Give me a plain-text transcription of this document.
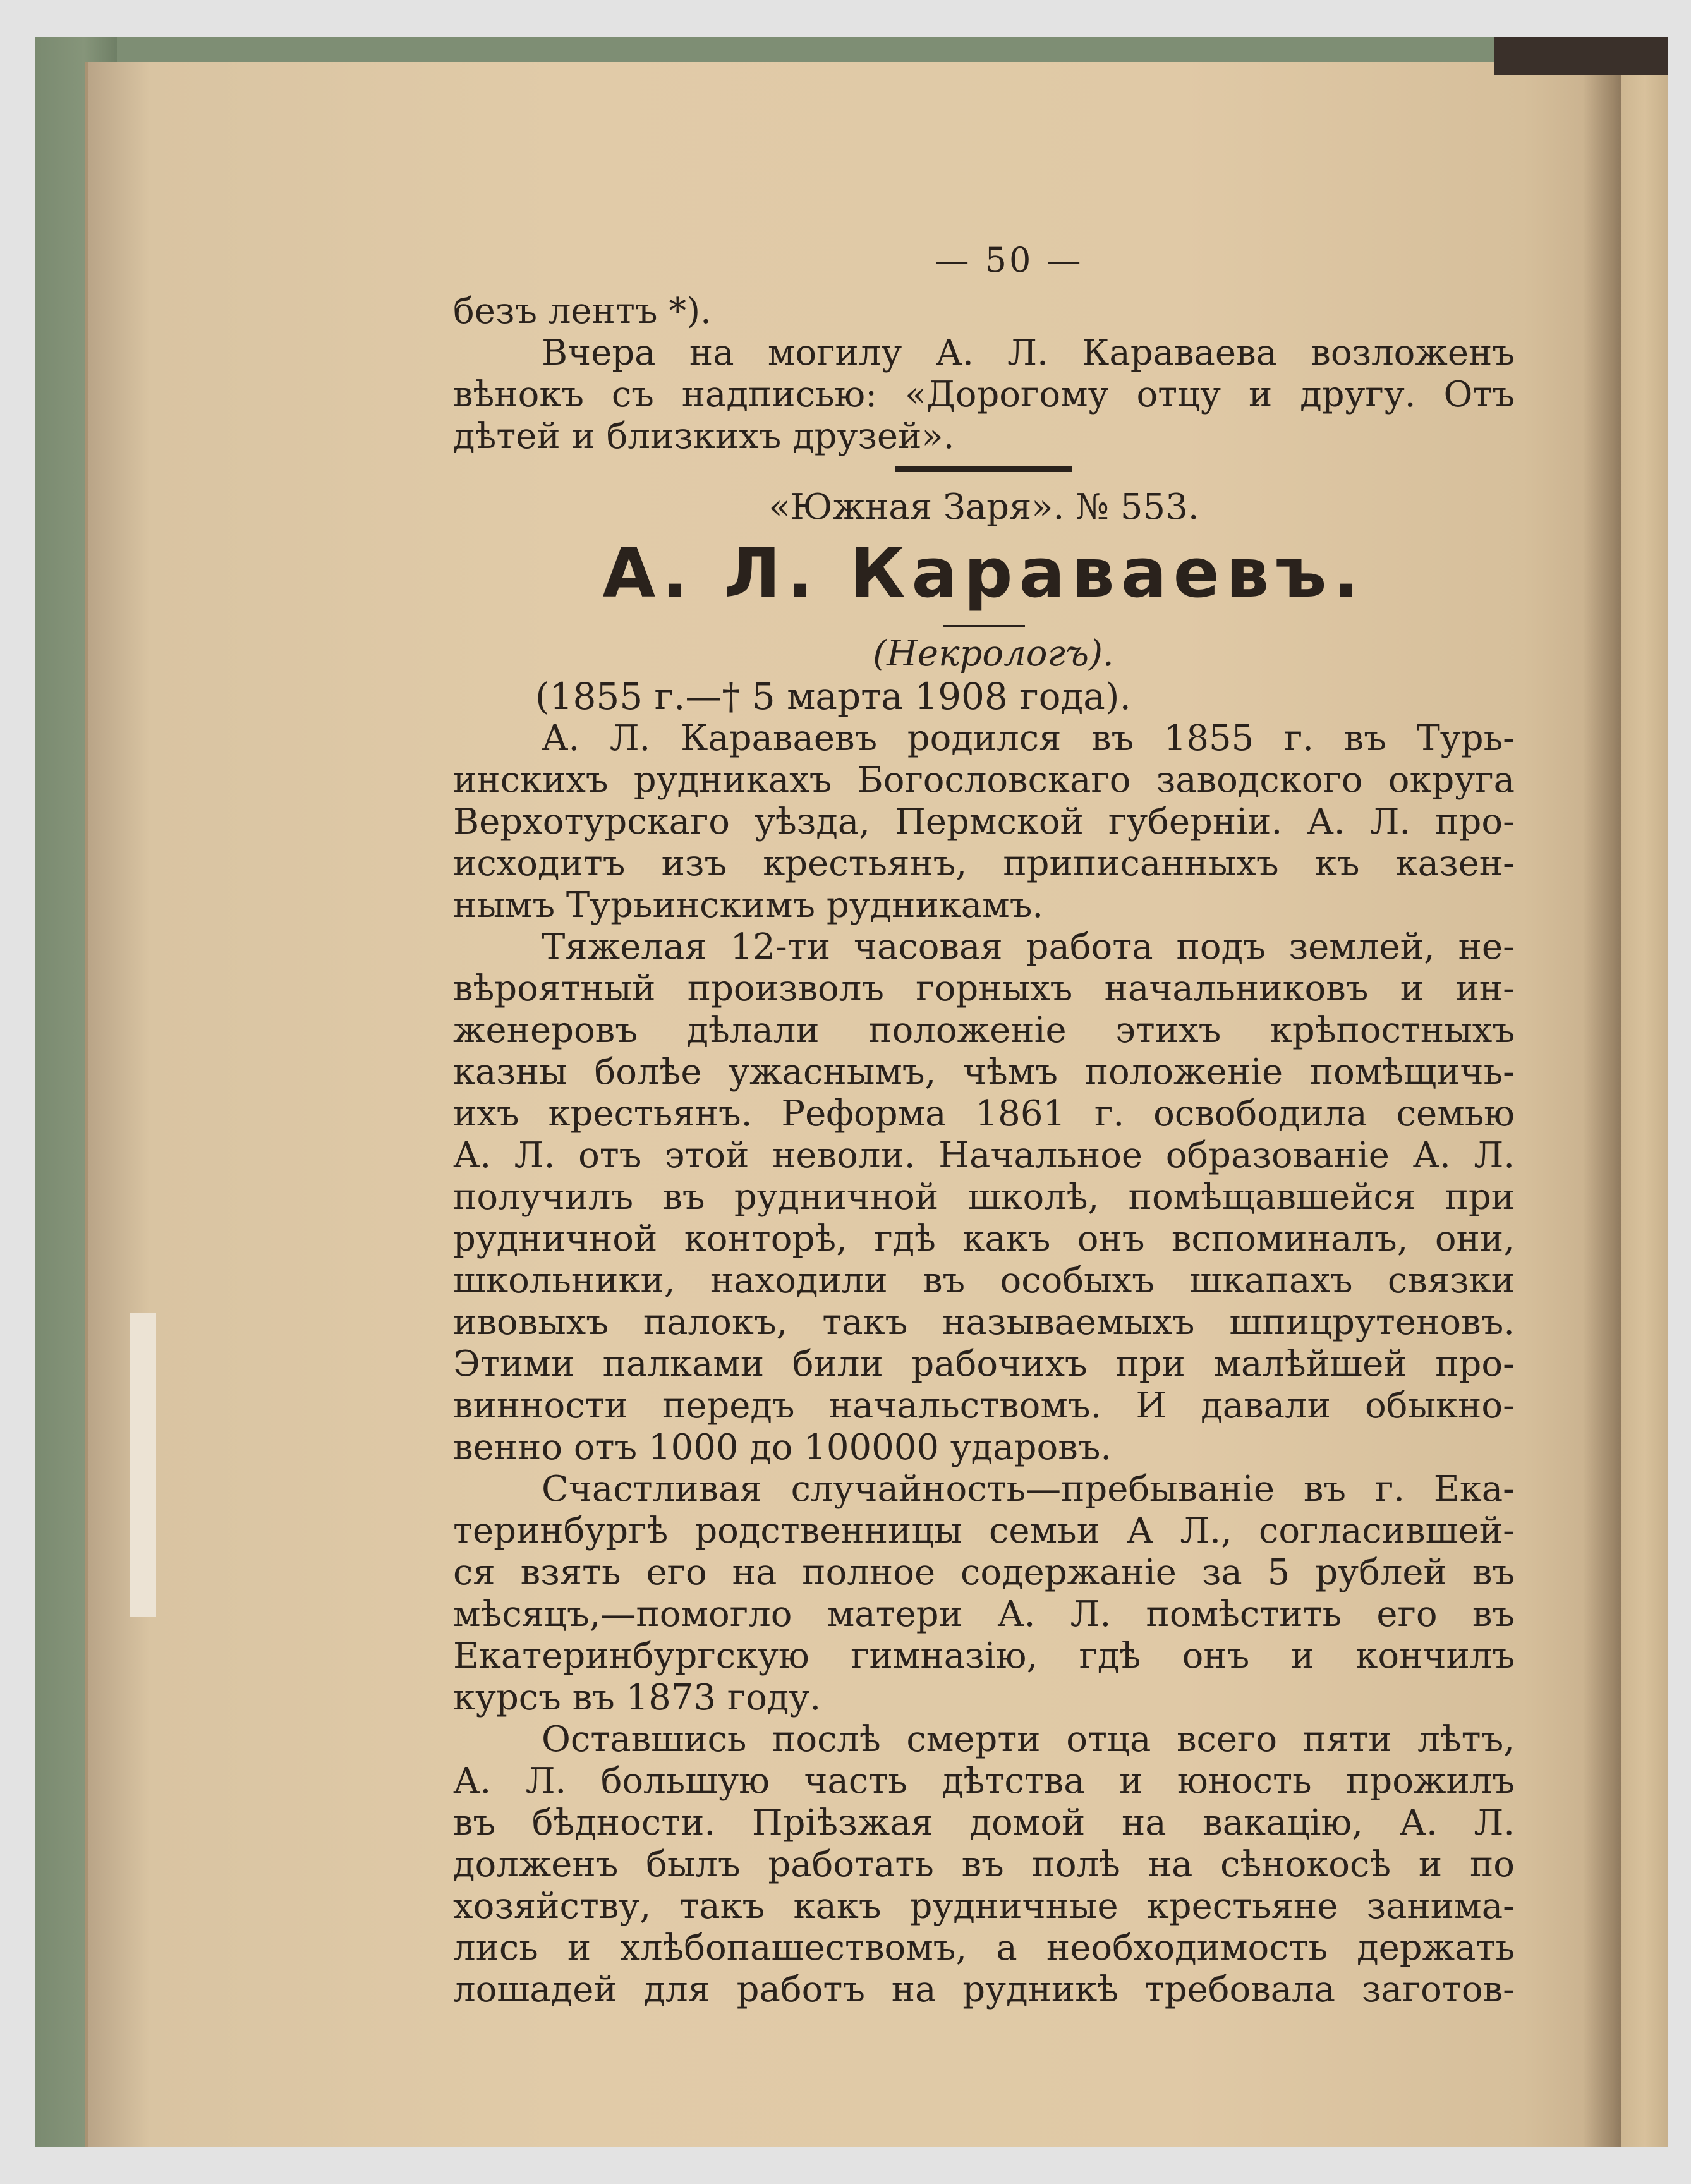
— 50 —
безъ лентъ *).
Вчера на могилу А. Л. Караваева возложенъ
вѣнокъ съ надписью: «Дорогому отцу и другу. Отъ
дѣтей и близкихъ друзей».
«Южная Заря». № 553.
А. Л. Караваевъ.
(Некрологъ).
(1855 г.—† 5 марта 1908 года).
А. Л. Караваевъ родился въ 1855 г. въ Турь-
инскихъ рудникахъ Богословскаго заводского округа
Верхотурскаго уѣзда, Пермской губерніи. А. Л. про-
исходитъ изъ крестьянъ, приписанныхъ къ казен-
нымъ Турьинскимъ рудникамъ.
Тяжелая 12-ти часовая работа подъ землей, не-
вѣроятный произволъ горныхъ начальниковъ и ин-
женеровъ дѣлали положеніе этихъ крѣпостныхъ
казны болѣе ужаснымъ, чѣмъ положеніе помѣщичь-
ихъ крестьянъ. Реформа 1861 г. освободила семью
А. Л. отъ этой неволи. Начальное образованіе А. Л.
получилъ въ рудничной школѣ, помѣщавшейся при
рудничной конторѣ, гдѣ какъ онъ вспоминалъ, они,
школьники, находили въ особыхъ шкапахъ связки
ивовыхъ палокъ, такъ называемыхъ шпицрутеновъ.
Этими палками били рабочихъ при малѣйшей про-
винности передъ начальствомъ. И давали обыкно-
венно отъ 1000 до 100000 ударовъ.
Счастливая случайность—пребываніе въ г. Ека-
теринбургѣ родственницы семьи А Л., согласившей-
ся взять его на полное содержаніе за 5 рублей въ
мѣсяцъ,—помогло матери А. Л. помѣстить его въ
Екатеринбургскую гимназію, гдѣ онъ и кончилъ
курсъ въ 1873 году.
Оставшись послѣ смерти отца всего пяти лѣтъ,
А. Л. большую часть дѣтства и юность прожилъ
въ бѣдности. Пріѣзжая домой на вакацію, А. Л.
долженъ былъ работать въ полѣ на сѣнокосѣ и по
хозяйству, такъ какъ рудничные крестьяне занима-
лись и хлѣбопашествомъ, а необходимость держать
лошадей для работъ на рудникѣ требовала заготов-
